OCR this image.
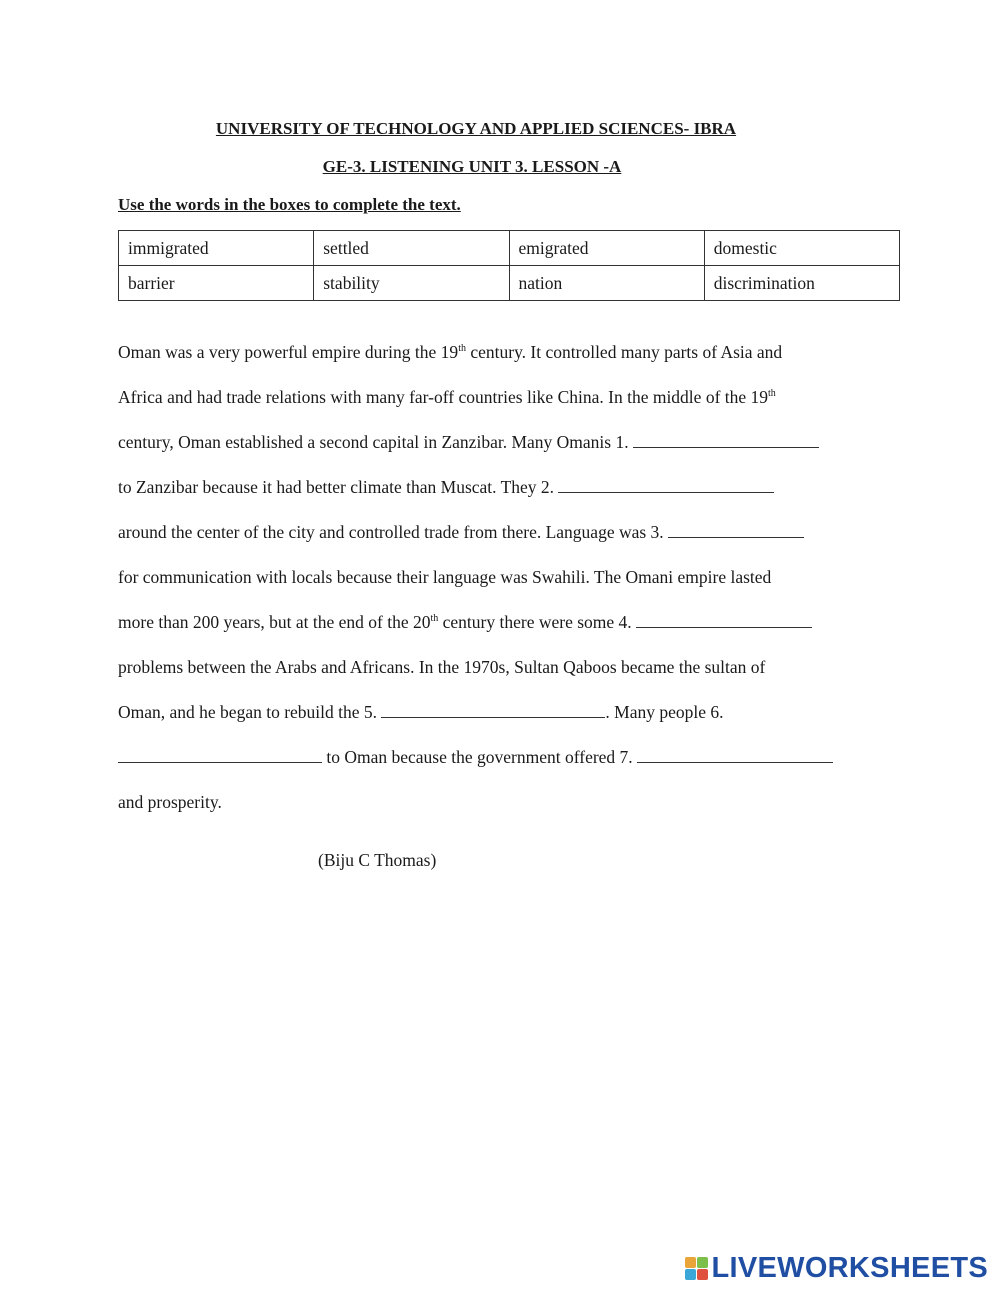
UNIVERSITY OF TECHNOLOGY AND APPLIED SCIENCES- IBRA

GE-3. LISTENING UNIT 3. LESSON -A

Use the words in the boxes to complete the text.

immigrated	settled	emigrated	domestic
barrier	stability	nation	discrimination
Oman was a very powerful empire during the 19th century. It controlled many parts of Asia and
Africa and had trade relations with many far-off countries like China. In the middle of the 19th
century, Oman established a second capital in Zanzibar. Many Omanis 1.
to Zanzibar because it had better climate than Muscat. They 2.
around the center of the city and controlled trade from there. Language was 3.
for communication with locals because their language was Swahili. The Omani empire lasted
more than 200 years, but at the end of the 20th century there were some 4.
problems between the Arabs and Africans. In the 1970s, Sultan Qaboos became the sultan of
Oman, and he began to rebuild the 5.	. Many people 6.
to Oman because the government offered 7.
and prosperity.

(Biju C Thomas)

LIVEWORKSHEETS
